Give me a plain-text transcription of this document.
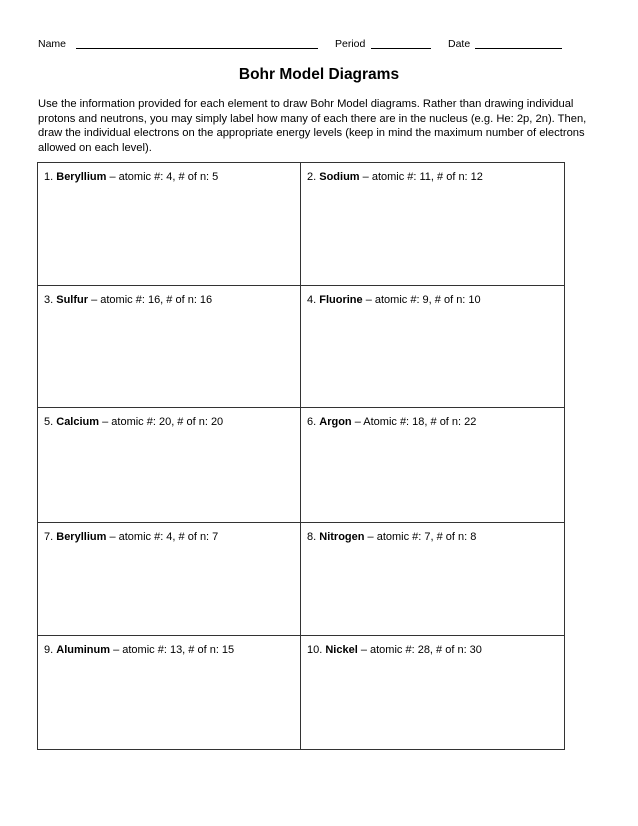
Name	Period	Date
Bohr Model Diagrams
Use the information provided for each element to draw Bohr Model diagrams. Rather than drawing individual protons and neutrons, you may simply label how many of each there are in the nucleus (e.g. He: 2p, 2n). Then, draw the individual electrons on the appropriate energy levels (keep in mind the maximum number of electrons allowed on each level).
1. Beryllium – atomic #: 4, # of n: 5	2. Sodium – atomic #: 11, # of n: 12
3. Sulfur – atomic #: 16, # of n: 16	4. Fluorine – atomic #: 9, # of n: 10
5. Calcium – atomic #: 20, # of n: 20	6. Argon – Atomic #: 18, # of n: 22
7. Beryllium – atomic #: 4, # of n: 7	8. Nitrogen – atomic #: 7, # of n: 8
9. Aluminum – atomic #: 13, # of n: 15	10. Nickel – atomic #: 28, # of n: 30
